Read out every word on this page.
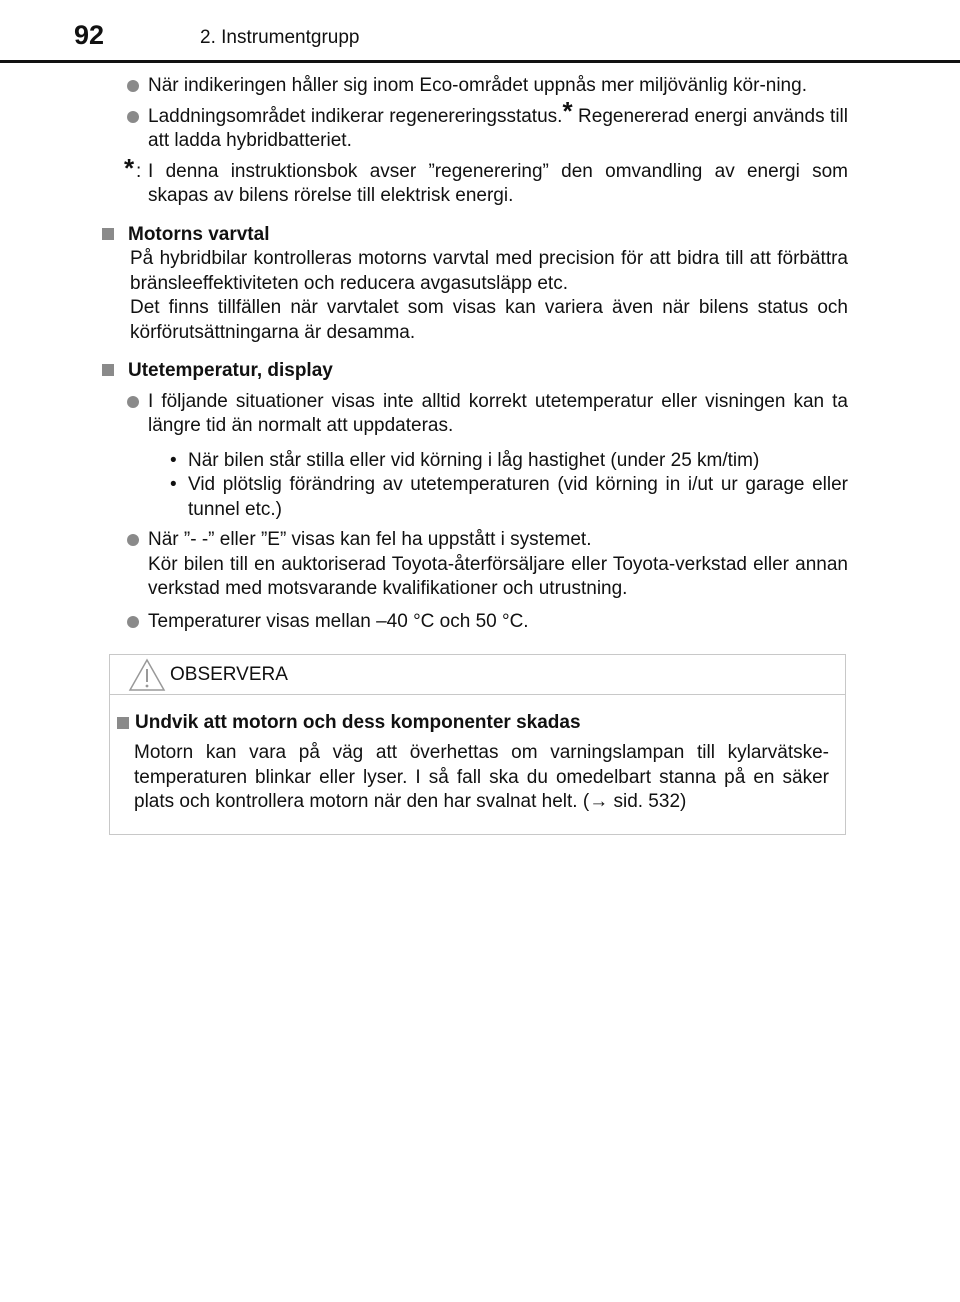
92	2. Instrumentgrupp
När indikeringen håller sig inom Eco-området uppnås mer miljövänlig kör-ning.
Laddningsområdet indikerar regenereringsstatus.* Regenererad energi används till att ladda hybridbatteriet.
* : I denna instruktionsbok avser ”regenerering” den omvandling av energi som skapas av bilens rörelse till elektrisk energi.
Motorns varvtal
På hybridbilar kontrolleras motorns varvtal med precision för att bidra till att förbättra bränsleeffektiviteten och reducera avgasutsläpp etc.
Det finns tillfällen när varvtalet som visas kan variera även när bilens status och körförutsättningarna är desamma.
Utetemperatur, display
I följande situationer visas inte alltid korrekt utetemperatur eller visningen kan ta längre tid än normalt att uppdateras.
• När bilen står stilla eller vid körning i låg hastighet (under 25 km/tim)
• Vid plötslig förändring av utetemperaturen (vid körning in i/ut ur garage eller tunnel etc.)
När ”- -” eller ”E” visas kan fel ha uppstått i systemet.
Kör bilen till en auktoriserad Toyota-återförsäljare eller Toyota-verkstad eller annan verkstad med motsvarande kvalifikationer och utrustning.
Temperaturer visas mellan –40 °C och 50 °C.
OBSERVERA
Undvik att motorn och dess komponenter skadas
Motorn kan vara på väg att överhettas om varningslampan till kylarvätske-temperaturen blinkar eller lyser. I så fall ska du omedelbart stanna på en säker plats och kontrollera motorn när den har svalnat helt. (→ sid. 532)
